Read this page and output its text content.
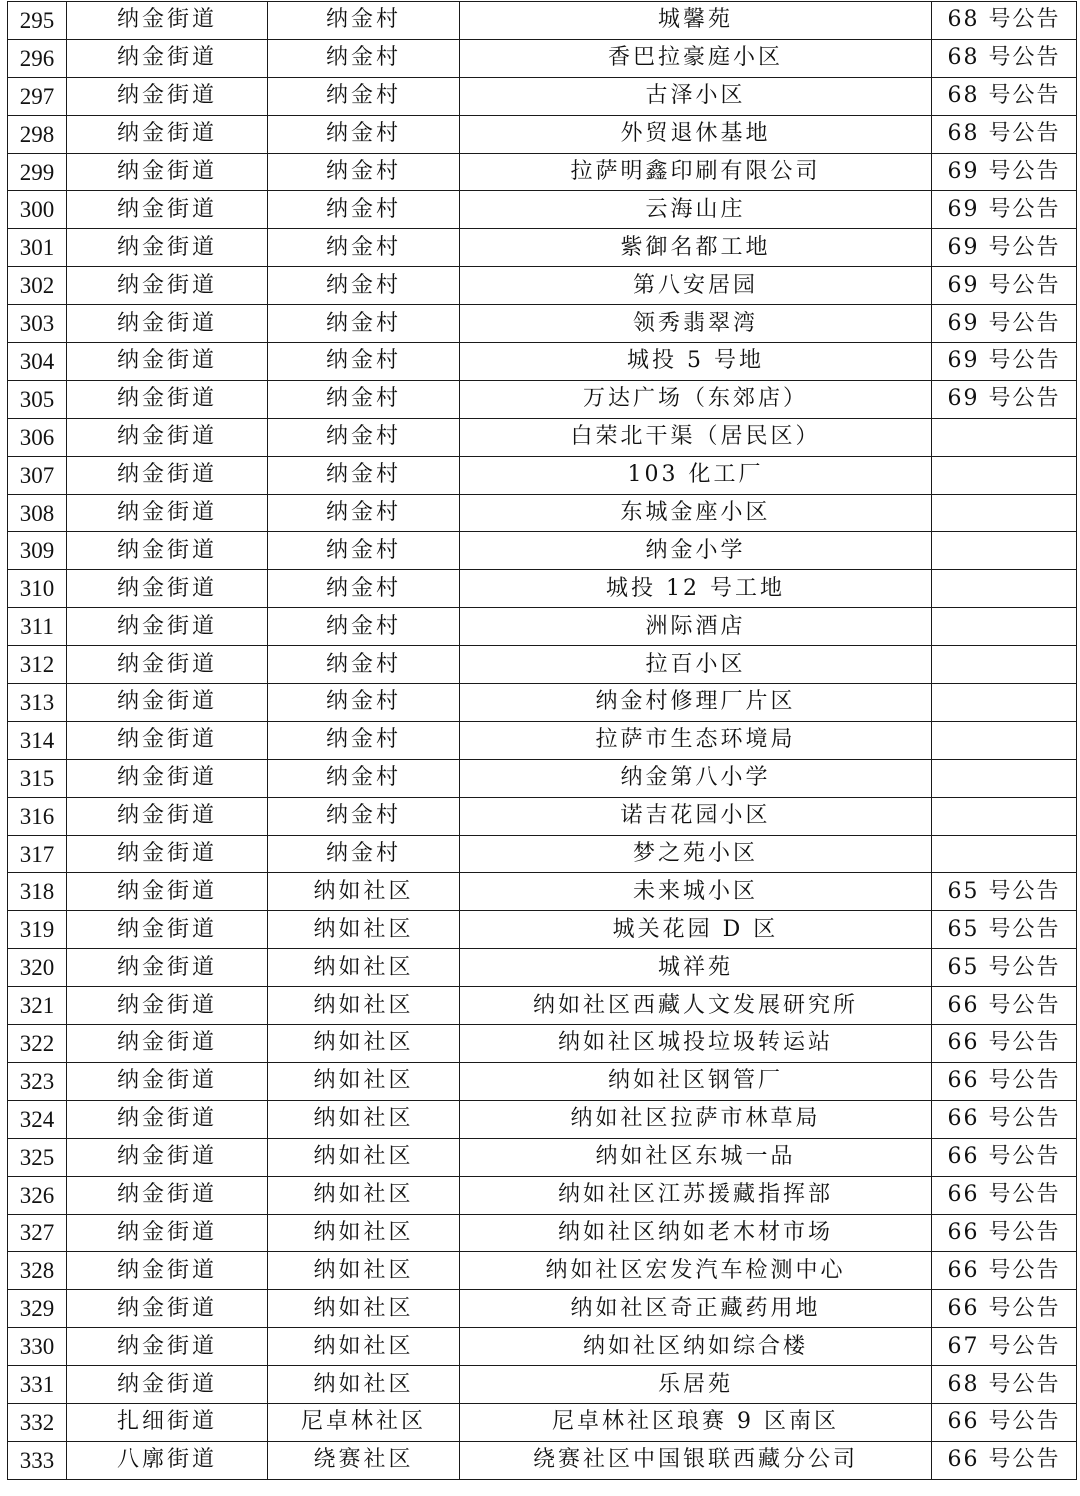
295	纳金街道	纳金村	城馨苑	68 号公告
296	纳金街道	纳金村	香巴拉豪庭小区	68 号公告
297	纳金街道	纳金村	古泽小区	68 号公告
298	纳金街道	纳金村	外贸退休基地	68 号公告
299	纳金街道	纳金村	拉萨明鑫印刷有限公司	69 号公告
300	纳金街道	纳金村	云海山庄	69 号公告
301	纳金街道	纳金村	紫御名都工地	69 号公告
302	纳金街道	纳金村	第八安居园	69 号公告
303	纳金街道	纳金村	领秀翡翠湾	69 号公告
304	纳金街道	纳金村	城投 5 号地	69 号公告
305	纳金街道	纳金村	万达广场（东郊店）	69 号公告
306	纳金街道	纳金村	白荣北干渠（居民区）	
307	纳金街道	纳金村	103 化工厂	
308	纳金街道	纳金村	东城金座小区	
309	纳金街道	纳金村	纳金小学	
310	纳金街道	纳金村	城投 12 号工地	
311	纳金街道	纳金村	洲际酒店	
312	纳金街道	纳金村	拉百小区	
313	纳金街道	纳金村	纳金村修理厂片区	
314	纳金街道	纳金村	拉萨市生态环境局	
315	纳金街道	纳金村	纳金第八小学	
316	纳金街道	纳金村	诺吉花园小区	
317	纳金街道	纳金村	梦之苑小区	
318	纳金街道	纳如社区	未来城小区	65 号公告
319	纳金街道	纳如社区	城关花园 D 区	65 号公告
320	纳金街道	纳如社区	城祥苑	65 号公告
321	纳金街道	纳如社区	纳如社区西藏人文发展研究所	66 号公告
322	纳金街道	纳如社区	纳如社区城投垃圾转运站	66 号公告
323	纳金街道	纳如社区	纳如社区钢管厂	66 号公告
324	纳金街道	纳如社区	纳如社区拉萨市林草局	66 号公告
325	纳金街道	纳如社区	纳如社区东城一品	66 号公告
326	纳金街道	纳如社区	纳如社区江苏援藏指挥部	66 号公告
327	纳金街道	纳如社区	纳如社区纳如老木材市场	66 号公告
328	纳金街道	纳如社区	纳如社区宏发汽车检测中心	66 号公告
329	纳金街道	纳如社区	纳如社区奇正藏药用地	66 号公告
330	纳金街道	纳如社区	纳如社区纳如综合楼	67 号公告
331	纳金街道	纳如社区	乐居苑	68 号公告
332	扎细街道	尼卓林社区	尼卓林社区琅赛 9 区南区	66 号公告
333	八廓街道	绕赛社区	绕赛社区中国银联西藏分公司	66 号公告
